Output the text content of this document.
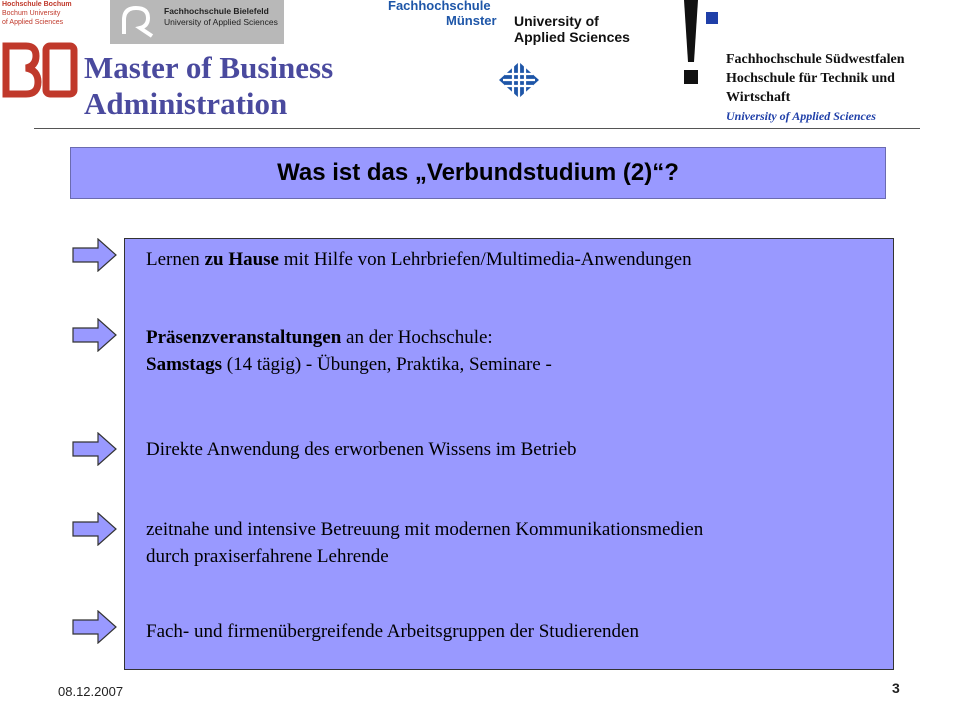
Hochschule Bochum
Bochum University
of Applied Sciences
Master of Business
Administration
Fachhochschule Bielefeld
University of Applied Sciences
Fachhochschule
Münster University of
Applied Sciences
Fachhochschule Südwestfalen
Hochschule für Technik und Wirtschaft
University of Applied Sciences
Was ist das „Verbundstudium (2)“?
Lernen zu Hause mit Hilfe von Lehrbriefen/Multimedia-Anwendungen
Präsenzveranstaltungen an der Hochschule:
Samstags (14 tägig) - Übungen, Praktika, Seminare -
Direkte Anwendung des erworbenen Wissens im Betrieb
zeitnahe und intensive Betreuung mit modernen Kommunikationsmedien
durch praxiserfahrene Lehrende
Fach- und firmenübergreifende Arbeitsgruppen der Studierenden
08.12.2007	3
